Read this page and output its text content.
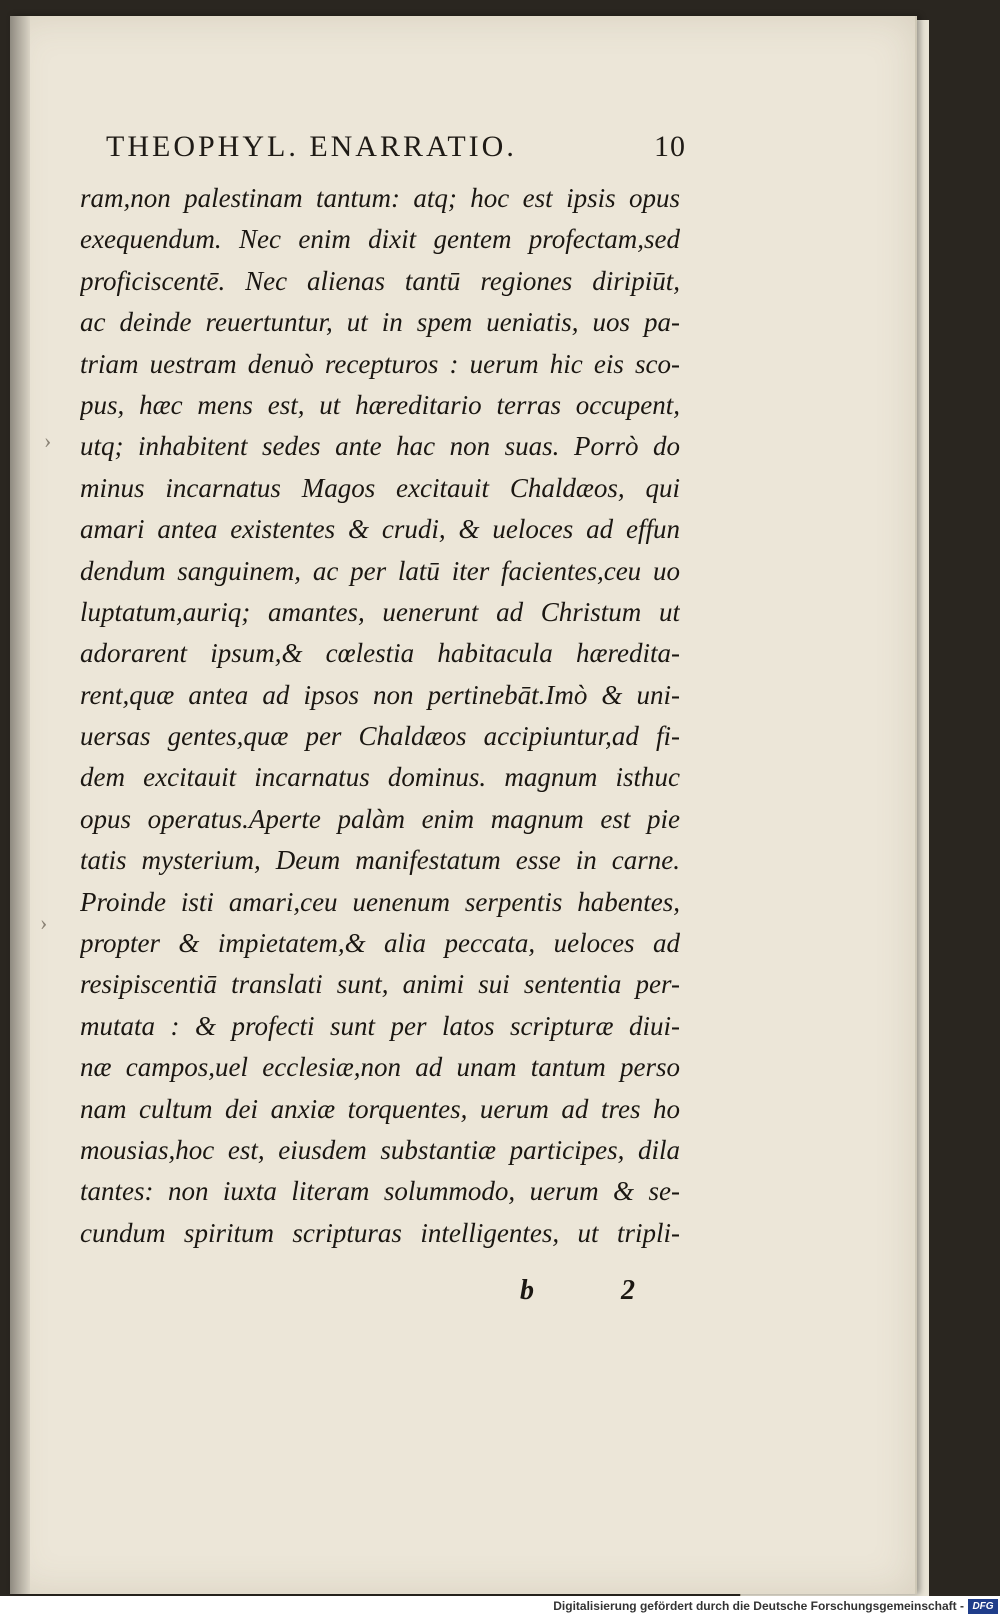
THEOPHYL. ENARRATIO.	10
ram,non palestinam tantum: atq; hoc est ipsis opus
exequendum. Nec enim dixit gentem profectam,sed
proficiscentē. Nec alienas tantū regiones diripiūt,
ac deinde reuertuntur, ut in spem ueniatis, uos pa-
triam uestram denuò recepturos : uerum hic eis sco-
pus, hæc mens est, ut hæreditario terras occupent,
utq; inhabitent sedes ante hac non suas. Porrò do
minus incarnatus Magos excitauit Chaldæos, qui
amari antea existentes & crudi, & ueloces ad effun
dendum sanguinem, ac per latū iter facientes,ceu uo
luptatum,auriq; amantes, uenerunt ad Christum ut
adorarent ipsum,& cœlestia habitacula hæredita-
rent,quæ antea ad ipsos non pertinebāt.Imò & uni-
uersas gentes,quæ per Chaldæos accipiuntur,ad fi-
dem excitauit incarnatus dominus. magnum isthuc
opus operatus.Aperte palàm enim magnum est pie
tatis mysterium, Deum manifestatum esse in carne.
Proinde isti amari,ceu uenenum serpentis habentes,
propter & impietatem,& alia peccata, ueloces ad
resipiscentiā translati sunt, animi sui sententia per-
mutata : & profecti sunt per latos scripturæ diui-
næ campos,uel ecclesiæ,non ad unam tantum perso
nam cultum dei anxiæ torquentes, uerum ad tres ho
mousias,hoc est, eiusdem substantiæ participes, dila
tantes: non iuxta literam solummodo, uerum & se-
cundum spiritum scripturas intelligentes, ut tripli-
b 2
›
›
Digitalisierung gefördert durch die Deutsche Forschungsgemeinschaft - DFG
